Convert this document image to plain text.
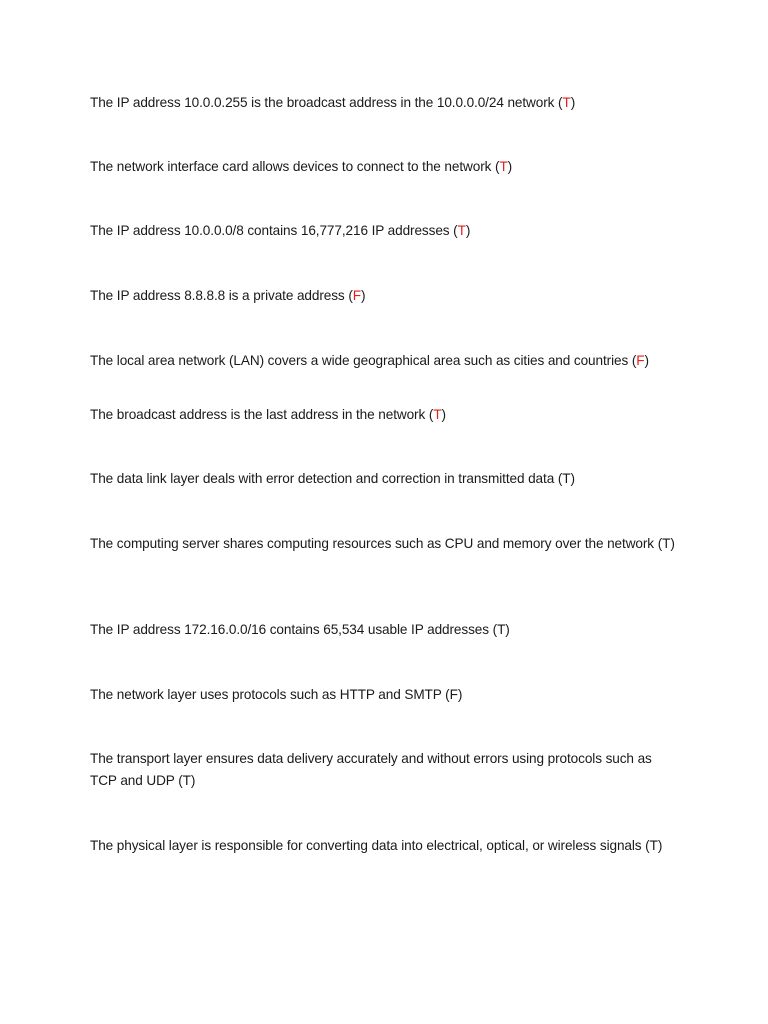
The IP address 10.0.0.255 is the broadcast address in the 10.0.0.0/24 network (T)

The network interface card allows devices to connect to the network (T)

The IP address 10.0.0.0/8 contains 16,777,216 IP addresses (T)

The IP address 8.8.8.8 is a private address (F)

The local area network (LAN) covers a wide geographical area such as cities and countries (F)

The broadcast address is the last address in the network (T)

The data link layer deals with error detection and correction in transmitted data (T)

The computing server shares computing resources such as CPU and memory over the network (T)

The IP address 172.16.0.0/16 contains 65,534 usable IP addresses (T)

The network layer uses protocols such as HTTP and SMTP (F)

The transport layer ensures data delivery accurately and without errors using protocols such as TCP and UDP (T)

The physical layer is responsible for converting data into electrical, optical, or wireless signals (T)
